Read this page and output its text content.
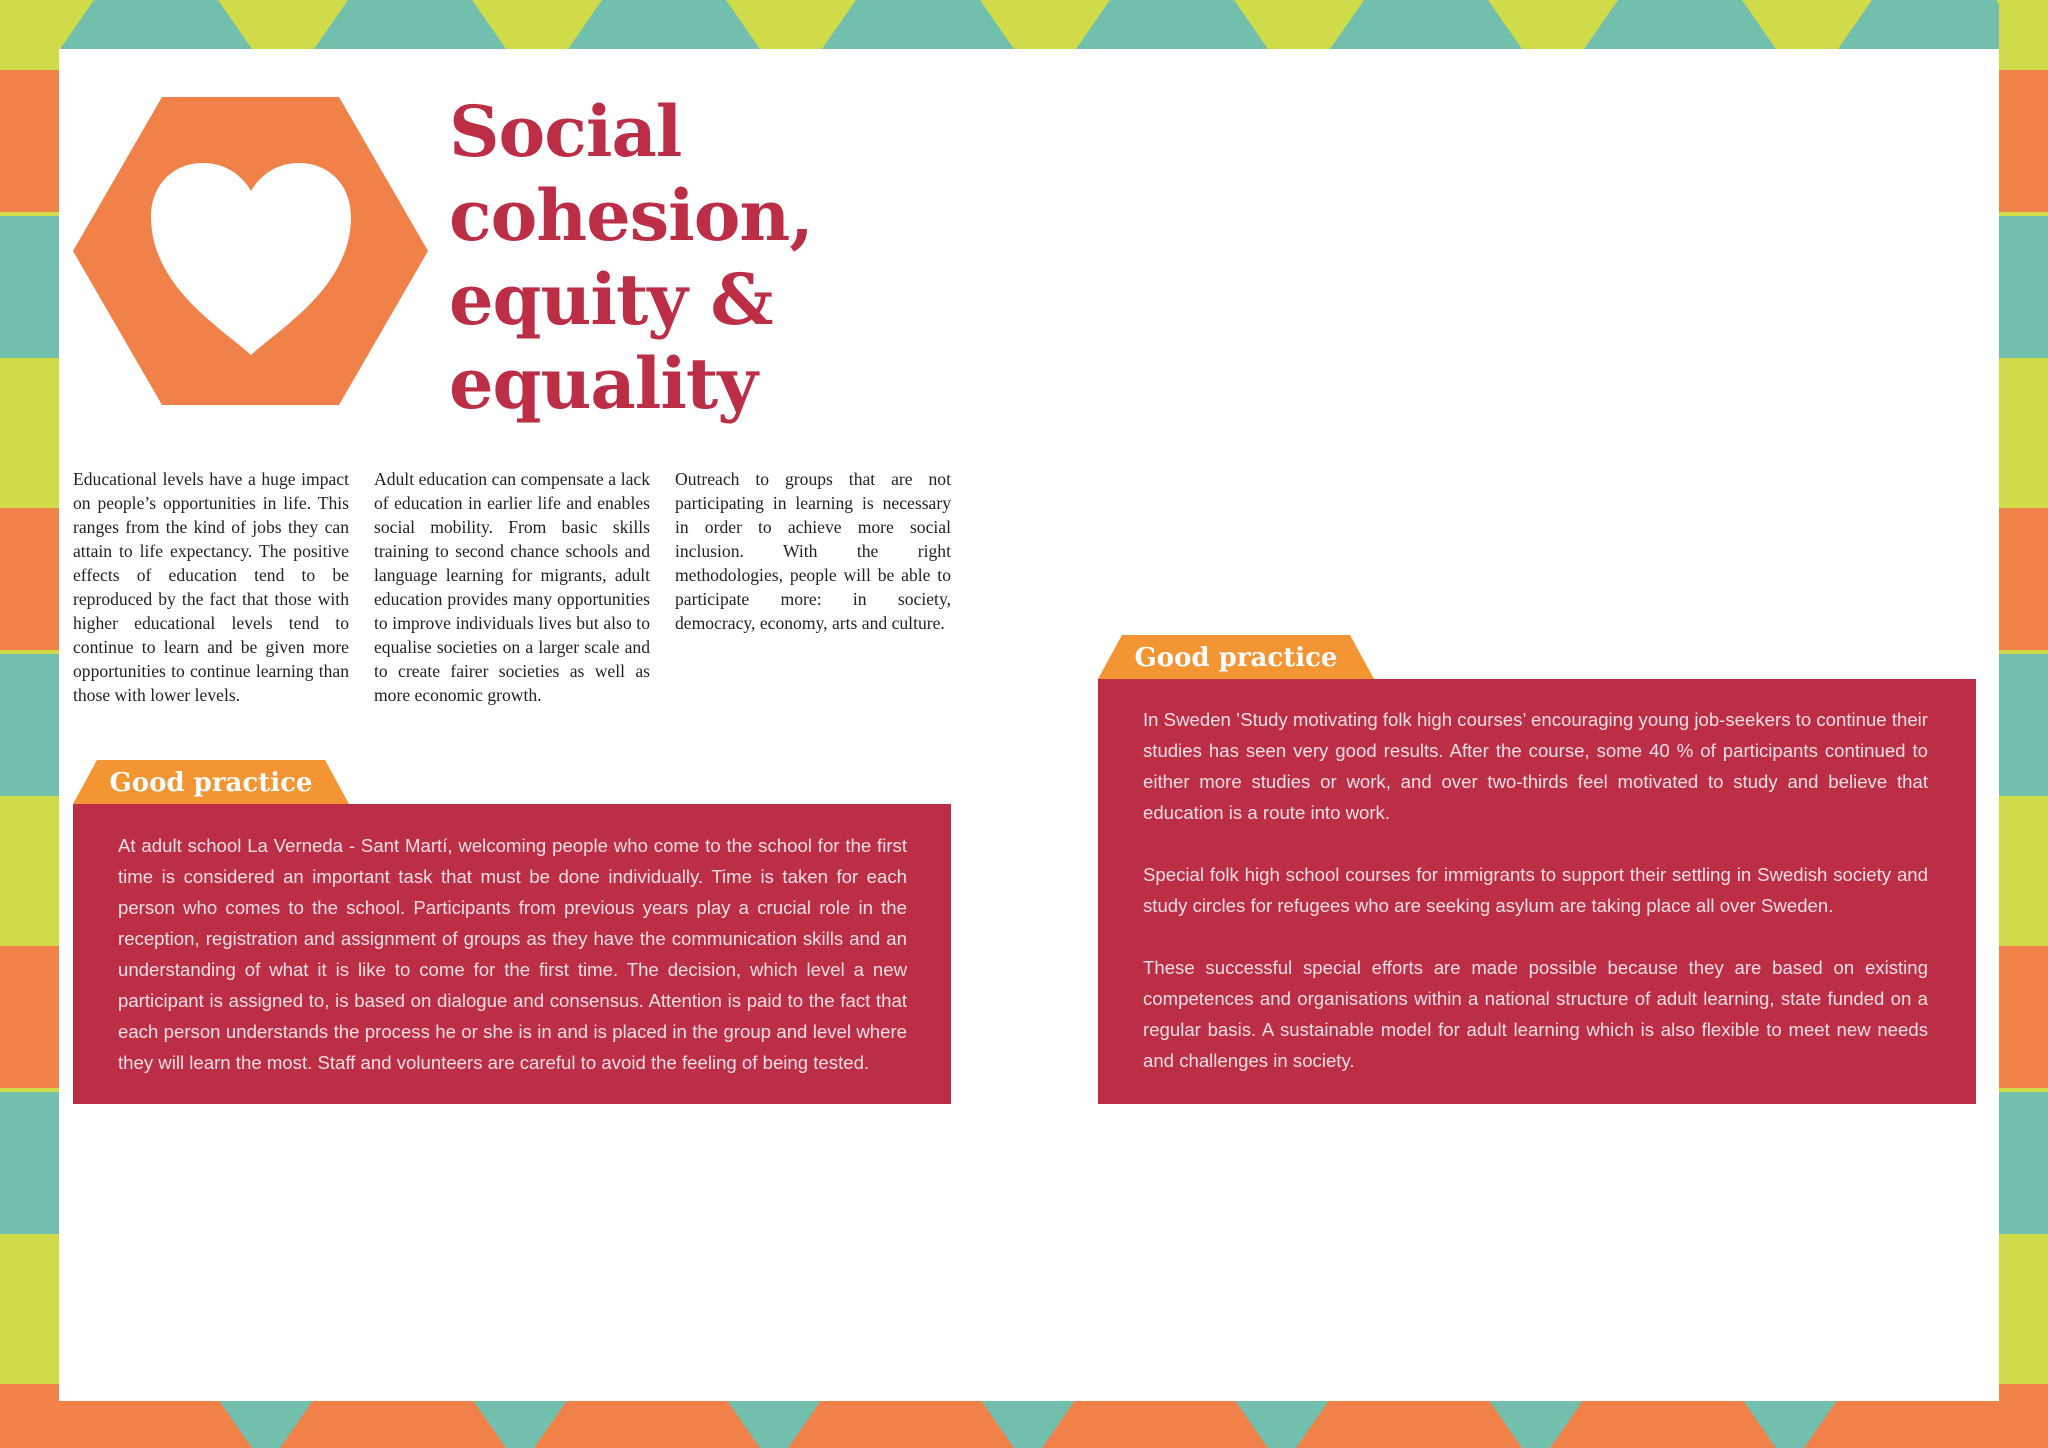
Social
cohesion,
equity &
equality

Educational levels have a huge impact on people’s opportunities in life. This ranges from the kind of jobs they can attain to life expectancy. The positive effects of education tend to be reproduced by the fact that those with higher educational levels tend to continue to learn and be given more opportunities to continue learning than those with lower levels.

Adult education can compensate a lack of education in earlier life and enables social mobility. From basic skills training to second chance schools and language learning for migrants, adult education provides many opportunities to improve individuals lives but also to equalise societies on a larger scale and to create fairer societies as well as more economic growth.

Outreach to groups that are not participating in learning is necessary in order to achieve more social inclusion. With the right methodologies, people will be able to participate more: in society, democracy, economy, arts and culture.

Good practice

At adult school La Verneda - Sant Martí, welcoming people who come to the school for the first time is considered an important task that must be done individually. Time is taken for each person who comes to the school. Participants from previous years play a crucial role in the reception, registration and assignment of groups as they have the communication skills and an understanding of what it is like to come for the first time. The decision, which level a new participant is assigned to, is based on dialogue and consensus. Attention is paid to the fact that each person understands the process he or she is in and is placed in the group and level where they will learn the most. Staff and volunteers are careful to avoid the feeling of being tested.

Good practice

In Sweden ’Study motivating folk high courses’ encouraging young job-seekers to continue their studies has seen very good results. After the course, some 40 % of participants continued to either more studies or work, and over two-thirds feel motivated to study and believe that education is a route into work.

Special folk high school courses for immigrants to support their settling in Swedish society and study circles for refugees who are seeking asylum are taking place all over Sweden.

These successful special efforts are made possible because they are based on existing competences and organisations within a national structure of adult learning, state funded on a regular basis. A sustainable model for adult learning which is also flexible to meet new needs and challenges in society.
